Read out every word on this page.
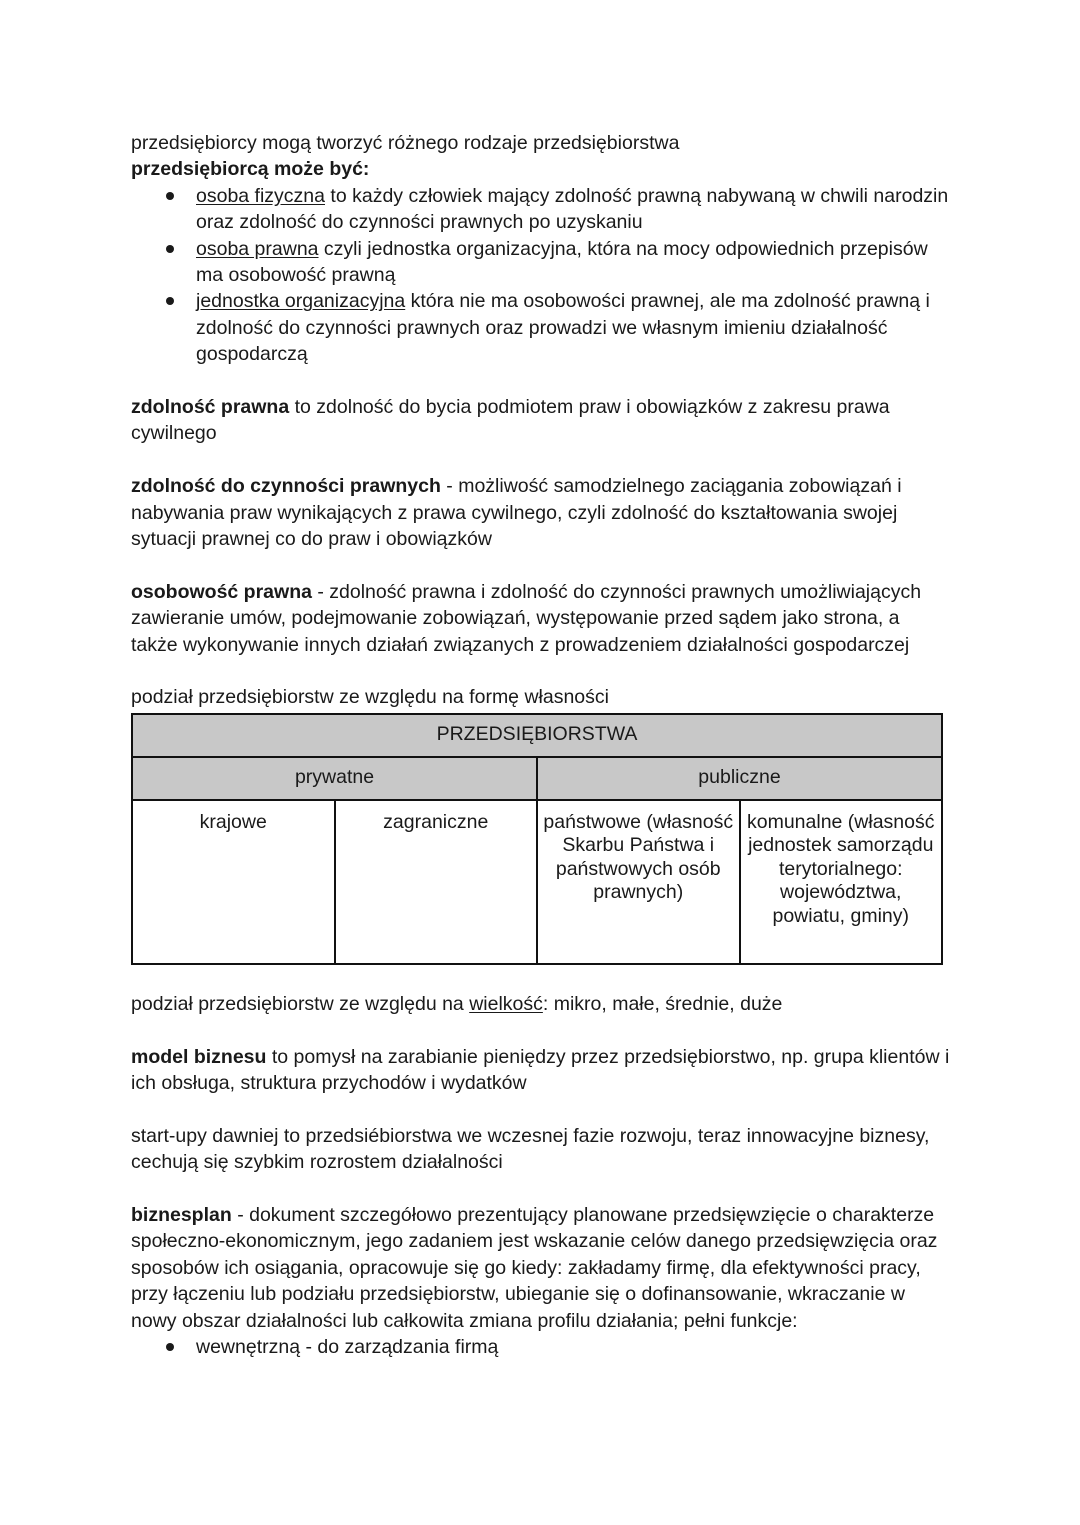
przedsiębiorcy mogą tworzyć różnego rodzaje przedsiębiorstwa

przedsiębiorcą może być:

osoba fizyczna to każdy człowiek mający zdolność prawną nabywaną w chwili narodzin oraz zdolność do czynności prawnych po uzyskaniu
osoba prawna czyli jednostka organizacyjna, która na mocy odpowiednich przepisów ma osobowość prawną
jednostka organizacyjna która nie ma osobowości prawnej, ale ma zdolność prawną i zdolność do czynności prawnych oraz prowadzi we własnym imieniu działalność gospodarczą

zdolność prawna to zdolność do bycia podmiotem praw i obowiązków z zakresu prawa cywilnego

zdolność do czynności prawnych - możliwość samodzielnego zaciągania zobowiązań i nabywania praw wynikających z prawa cywilnego, czyli zdolność do kształtowania swojej sytuacji prawnej co do praw i obowiązków

osobowość prawna - zdolność prawna i zdolność do czynności prawnych umożliwiających zawieranie umów, podejmowanie zobowiązań, występowanie przed sądem jako strona, a także wykonywanie innych działań związanych z prowadzeniem działalności gospodarczej

podział przedsiębiorstw ze względu na formę własności

PRZEDSIĘBIORSTWA			
prywatne		publiczne	
krajowe	zagraniczne	państwowe (własność Skarbu Państwa i państwowych osób prawnych)	komunalne (własność jednostek samorządu terytorialnego: województwa, powiatu, gminy)

podział przedsiębiorstw ze względu na wielkość: mikro, małe, średnie, duże

model biznesu to pomysł na zarabianie pieniędzy przez przedsiębiorstwo, np. grupa klientów i ich obsługa, struktura przychodów i wydatków

start-upy dawniej to przedsiébiorstwa we wczesnej fazie rozwoju, teraz innowacyjne biznesy, cechują się szybkim rozrostem działalności

biznesplan - dokument szczegółowo prezentujący planowane przedsięwzięcie o charakterze społeczno-ekonomicznym, jego zadaniem jest wskazanie celów danego przedsięwzięcia oraz sposobów ich osiągania, opracowuje się go kiedy: zakładamy firmę, dla efektywności pracy, przy łączeniu lub podziału przedsiębiorstw, ubieganie się o dofinansowanie, wkraczanie w nowy obszar działalności lub całkowita zmiana profilu działania; pełni funkcje:

wewnętrzną - do zarządzania firmą
